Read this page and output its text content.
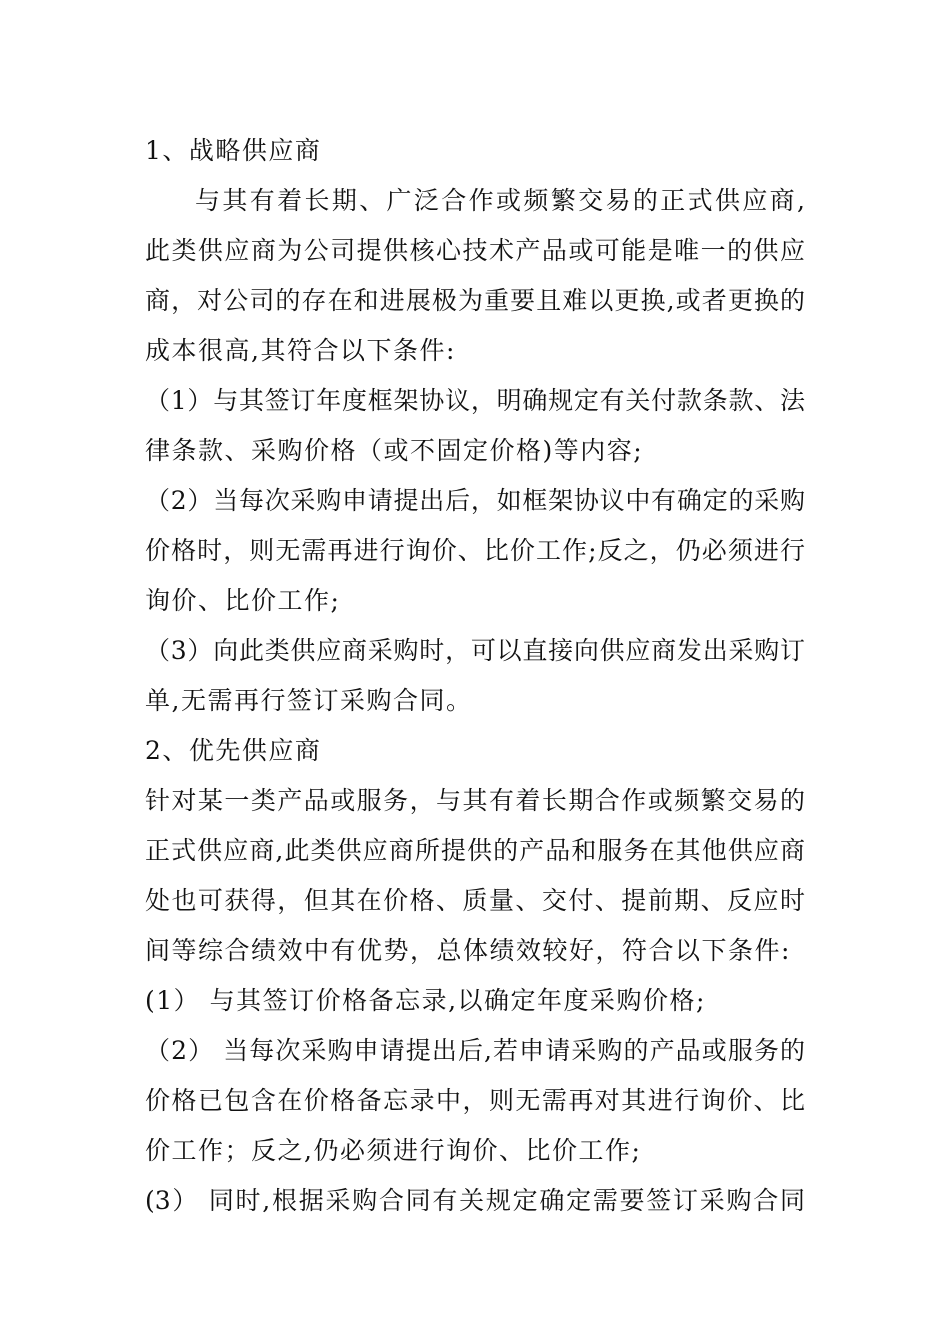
1、战略供应商
与其有着长期、广泛合作或频繁交易的正式供应商,
此类供应商为公司提供核心技术产品或可能是唯一的供应
商，对公司的存在和进展极为重要且难以更换,或者更换的
成本很高,其符合以下条件:
（1）与其签订年度框架协议，明确规定有关付款条款、法
律条款、采购价格（或不固定价格)等内容;
（2）当每次采购申请提出后，如框架协议中有确定的采购
价格时，则无需再进行询价、比价工作;反之，仍必须进行
询价、比价工作;
（3）向此类供应商采购时，可以直接向供应商发出采购订
单,无需再行签订采购合同。
2、优先供应商
针对某一类产品或服务，与其有着长期合作或频繁交易的
正式供应商,此类供应商所提供的产品和服务在其他供应商
处也可获得，但其在价格、质量、交付、提前期、反应时
间等综合绩效中有优势，总体绩效较好，符合以下条件:
(1） 与其签订价格备忘录,以确定年度采购价格;
（2） 当每次采购申请提出后,若申请采购的产品或服务的
价格已包含在价格备忘录中，则无需再对其进行询价、比
价工作；反之,仍必须进行询价、比价工作;
(3） 同时,根据采购合同有关规定确定需要签订采购合同
